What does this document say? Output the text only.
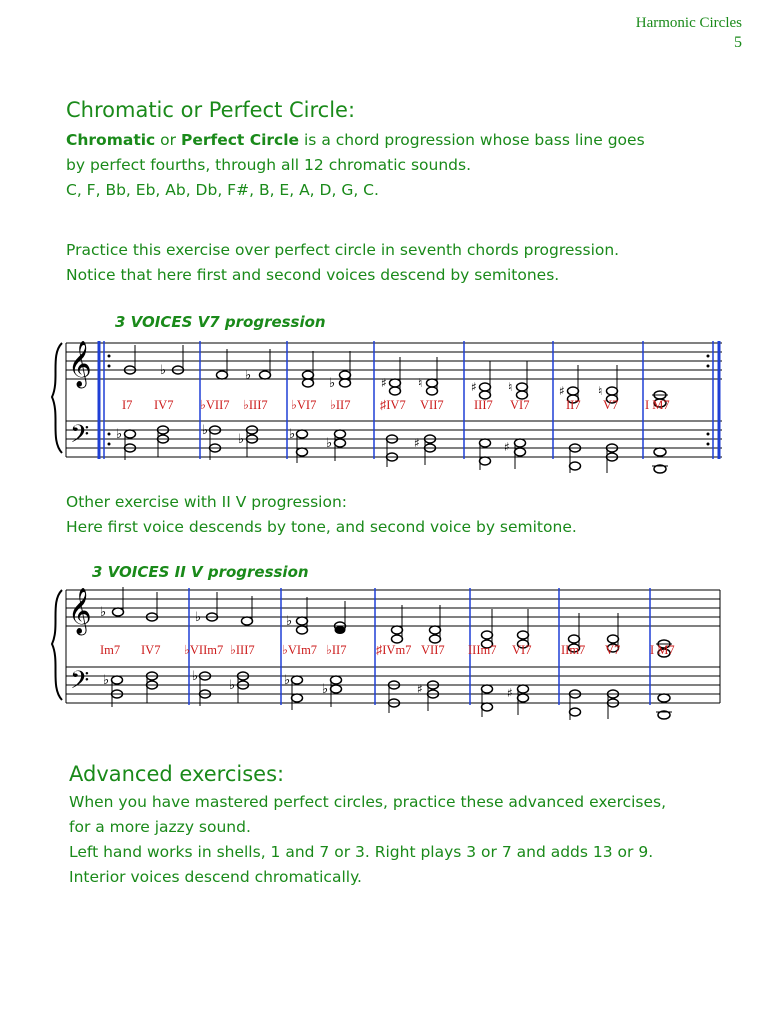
Harmonic Circles
5
Chromatic or Perfect Circle:
Chromatic or Perfect Circle is a chord progression whose bass line goes
by perfect fourths, through all 12 chromatic sounds.
C, F, Bb, Eb, Ab, Db, F#, B, E, A, D, G, C.
Practice this exercise over perfect circle in seventh chords progression.
Notice that here first and second voices descend by semitones.
3 VOICES V7 progression
𝄞
𝄢
♭	♭
♭	♯	♮	♯	♮	♯	♮
I7 IV7 ♭VII7 ♭III7 ♭VI7 ♭II7 ♯IV7 VII7 III7 VI7	II7 V7 I M7
♭	♭
♭	♭
♭	♯	♯
Other exercise with II V progression:
Here first voice descends by tone, and second voice by semitone.
3 VOICES II V progression
𝄞
𝄢
♭	♭	♭
Im7 IV7 ♭VIIm7 ♭III7 ♭VIm7 ♭II7 ♯IVm7 VII7 IIIm7 VI7 IIm7 V7 I M7
♭	♭
♭	♭
♭	♯	♯
Advanced exercises:
When you have mastered perfect circles, practice these advanced exercises,
for a more jazzy sound.
Left hand works in shells, 1 and 7 or 3. Right plays 3 or 7 and adds 13 or 9.
Interior voices descend chromatically.
